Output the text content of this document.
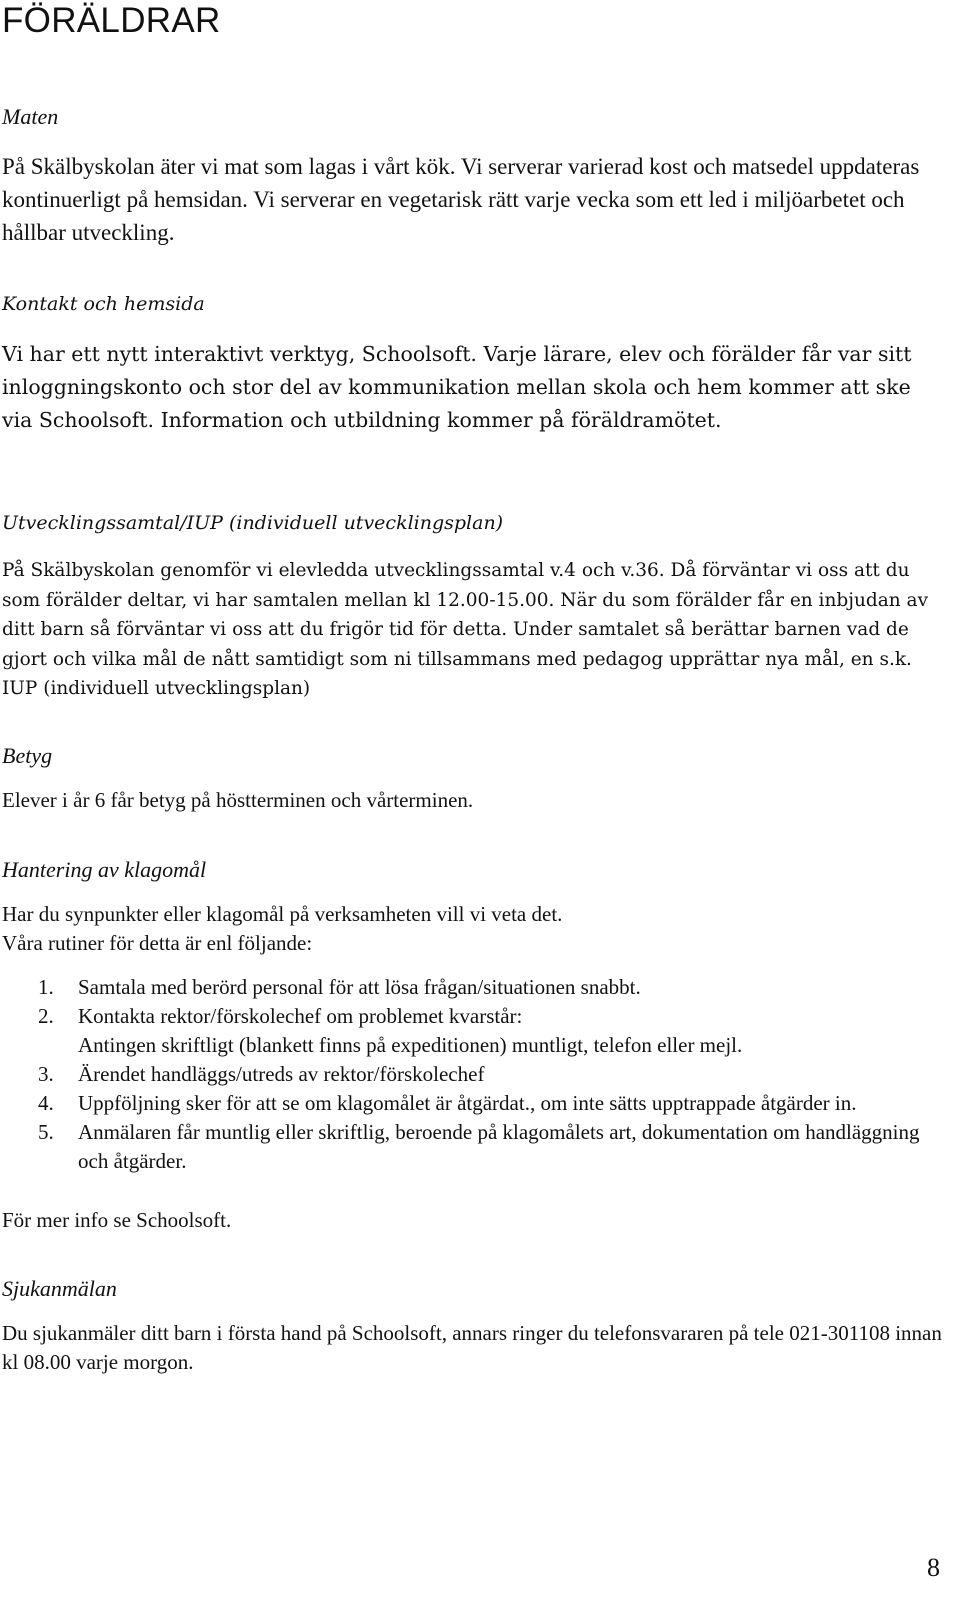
FÖRÄLDRAR
Maten

På Skälbyskolan äter vi mat som lagas i vårt kök. Vi serverar varierad kost och matsedel uppdateras kontinuerligt på hemsidan. Vi serverar en vegetarisk rätt varje vecka som ett led i miljöarbetet och hållbar utveckling.

Kontakt och hemsida

Vi har ett nytt interaktivt verktyg, Schoolsoft. Varje lärare, elev och förälder får var sitt inloggningskonto och stor del av kommunikation mellan skola och hem kommer att ske via Schoolsoft. Information och utbildning kommer på föräldramötet.

Utvecklingssamtal/IUP (individuell utvecklingsplan)

På Skälbyskolan genomför vi elevledda utvecklingssamtal v.4 och v.36. Då förväntar vi oss att du som förälder deltar, vi har samtalen mellan kl 12.00-15.00. När du som förälder får en inbjudan av ditt barn så förväntar vi oss att du frigör tid för detta. Under samtalet så berättar barnen vad de gjort och vilka mål de nått samtidigt som ni tillsammans med pedagog upprättar nya mål, en s.k. IUP (individuell utvecklingsplan)

Betyg

Elever i år 6 får betyg på höstterminen och vårterminen.

Hantering av klagomål

Har du synpunkter eller klagomål på verksamheten vill vi veta det.

Våra rutiner för detta är enl följande:

1. Samtala med berörd personal för att lösa frågan/situationen snabbt.
2. Kontakta rektor/förskolechef om problemet kvarstår:
Antingen skriftligt (blankett finns på expeditionen) muntligt, telefon eller mejl.
3. Ärendet handläggs/utreds av rektor/förskolechef
4. Uppföljning sker för att se om klagomålet är åtgärdat., om inte sätts upptrappade åtgärder in.
5. Anmälaren får muntlig eller skriftlig, beroende på klagomålets art, dokumentation om handläggning och åtgärder.

För mer info se Schoolsoft.

Sjukanmälan

Du sjukanmäler ditt barn i första hand på Schoolsoft, annars ringer du telefonsvararen på tele 021-301108 innan kl 08.00 varje morgon.

8
